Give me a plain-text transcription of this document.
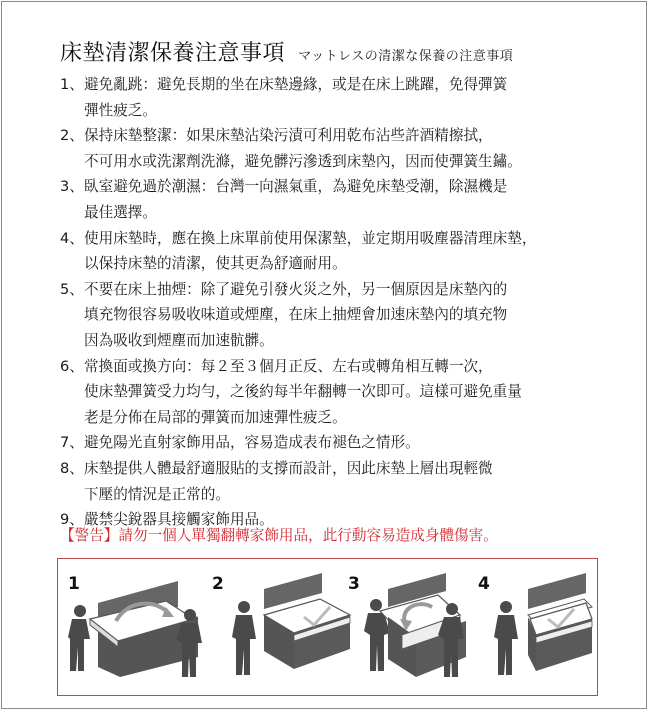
床墊清潔保養注意事項 マットレスの清潔な保養の注意事項
1、 避免亂跳：避免長期的坐在床墊邊緣，或是在床上跳躍，免得彈簧
彈性疲乏。
2、 保持床墊整潔：如果床墊沾染污漬可利用乾布沾些許酒精擦拭，
不可用水或洗潔劑洗滌，避免髒污滲透到床墊內，因而使彈簧生鏽。
3、 臥室避免過於潮濕：台灣一向濕氣重，為避免床墊受潮，除濕機是
最佳選擇。
4、 使用床墊時，應在換上床單前使用保潔墊，並定期用吸塵器清理床墊，
以保持床墊的清潔，使其更為舒適耐用。
5、 不要在床上抽煙：除了避免引發火災之外，另一個原因是床墊內的
填充物很容易吸收味道或煙塵，在床上抽煙會加速床墊內的填充物
因為吸收到煙塵而加速骯髒。
6、 常換面或換方向：每２至３個月正反、左右或轉角相互轉一次，
使床墊彈簧受力均勻，之後約每半年翻轉一次即可。這樣可避免重量
老是分佈在局部的彈簧而加速彈性疲乏。
7、 避免陽光直射家飾用品，容易造成表布褪色之情形。
8、 床墊提供人體最舒適服貼的支撐而設計，因此床墊上層出現輕微
下壓的情況是正常的。
9、 嚴禁尖銳器具接觸家飾用品。
【警告】請勿一個人單獨翻轉家飾用品，此行動容易造成身體傷害。
1	2	3	4
